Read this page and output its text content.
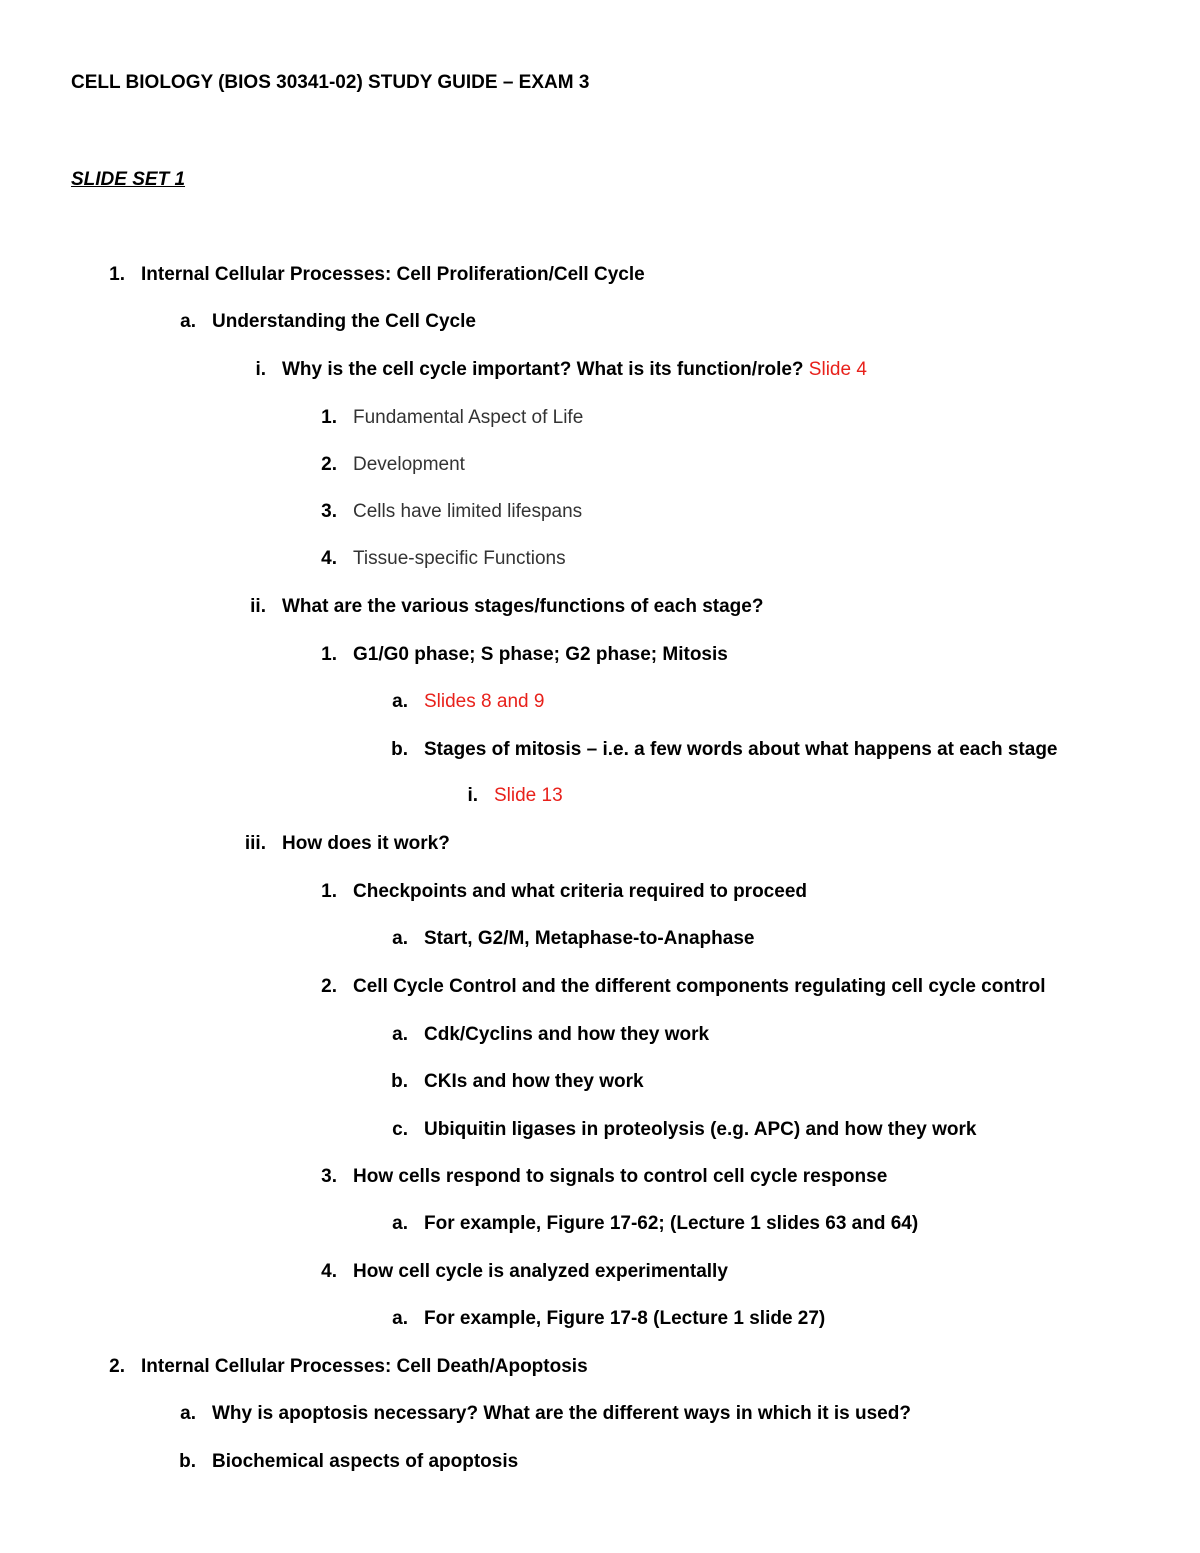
CELL BIOLOGY (BIOS 30341-02) STUDY GUIDE – EXAM 3
SLIDE SET 1
1. Internal Cellular Processes: Cell Proliferation/Cell Cycle
a. Understanding the Cell Cycle
i. Why is the cell cycle important? What is its function/role? Slide 4
1. Fundamental Aspect of Life
2. Development
3. Cells have limited lifespans
4. Tissue-specific Functions
ii. What are the various stages/functions of each stage?
1. G1/G0 phase; S phase; G2 phase; Mitosis
a. Slides 8 and 9
b. Stages of mitosis – i.e. a few words about what happens at each stage
i. Slide 13
iii. How does it work?
1. Checkpoints and what criteria required to proceed
a. Start, G2/M, Metaphase-to-Anaphase
2. Cell Cycle Control and the different components regulating cell cycle control
a. Cdk/Cyclins and how they work
b. CKIs and how they work
c. Ubiquitin ligases in proteolysis (e.g. APC) and how they work
3. How cells respond to signals to control cell cycle response
a. For example, Figure 17-62; (Lecture 1 slides 63 and 64)
4. How cell cycle is analyzed experimentally
a. For example, Figure 17-8 (Lecture 1 slide 27)
2. Internal Cellular Processes: Cell Death/Apoptosis
a. Why is apoptosis necessary? What are the different ways in which it is used?
b. Biochemical aspects of apoptosis
